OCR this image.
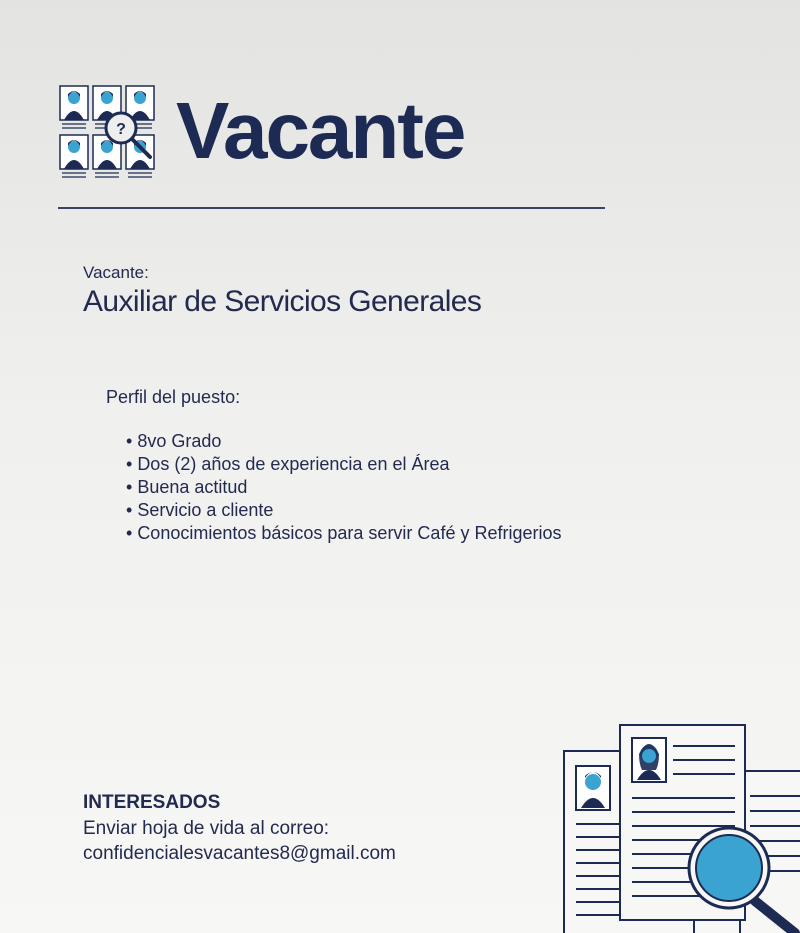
? Vacante
Vacante:
Auxiliar de Servicios Generales
Perfil del puesto:
• 8vo Grado
• Dos (2) años de experiencia en el Área
• Buena actitud
• Servicio a cliente
• Conocimientos básicos para servir Café y Refrigerios
INTERESADOS
Enviar hoja de vida al correo:
confidencialesvacantes8@gmail.com
